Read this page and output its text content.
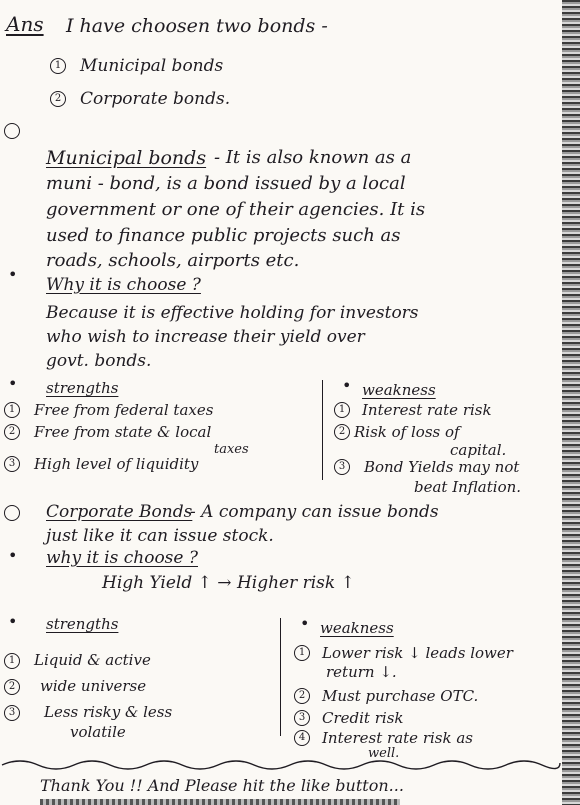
Ans I have choosen two bonds -
1 Municipal bonds
2 Corporate bonds.
Municipal bonds - It is also known as a
muni - bond, is a bond issued by a local
government or one of their agencies. It is
used to finance public projects such as
roads, schools, airports etc.
•
Why it is choose ?
Because it is effective holding for investors
who wish to increase their yield over
govt. bonds.
• strengths
1	Free from federal taxes
2	Free from state & local
taxes
3	High level of liquidity
• weakness
1	Interest rate risk
2 Risk of loss of
capital.
3	Bond Yields may not
beat Inflation.
Corporate Bonds
- A company can issue bonds
just like it can issue stock.
• why it is choose ?
High Yield ↑ → Higher risk ↑
• strengths
1	Liquid & active
2	wide universe
3	Less risky & less
volatile
• weakness
1	Lower risk ↓ leads lower
return ↓.
2	Must purchase OTC.
3	Credit risk
4	Interest rate risk as
well.
Thank You !! And Please hit the like button...
